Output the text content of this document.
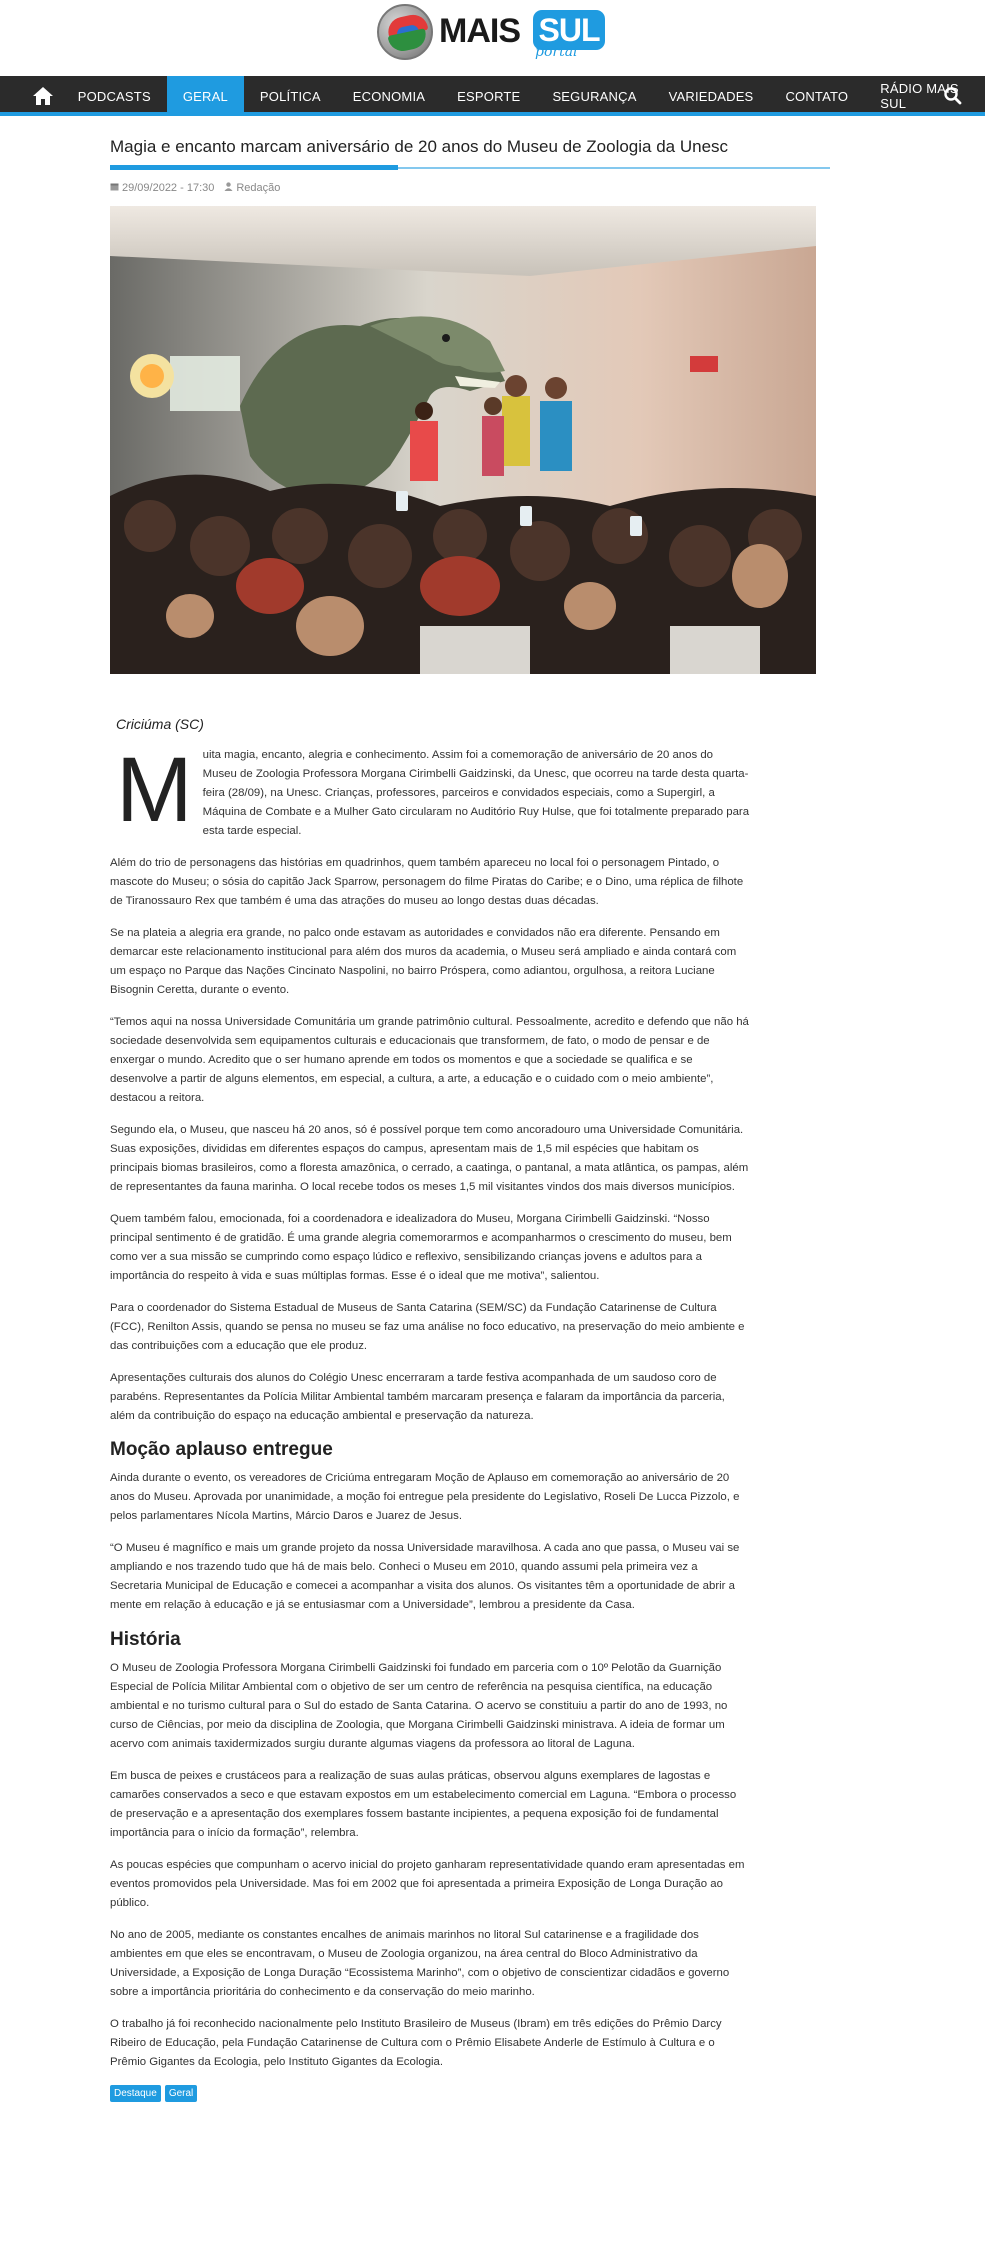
MAIS SUL
portal
PODCASTS	GERAL	POLÍTICA	ECONOMIA	ESPORTE	SEGURANÇA	VARIEDADES	CONTATO	RÁDIO MAIS SUL
Magia e encanto marcam aniversário de 20 anos do Museu de Zoologia da Unesc
29/09/2022 - 17:30	Redação

Criciúma (SC)

M uita magia, encanto, alegria e conhecimento. Assim foi a comemoração de aniversário de 20 anos do Museu de Zoologia Professora Morgana Cirimbelli Gaidzinski, da Unesc, que ocorreu na tarde desta quarta-feira (28/09), na Unesc. Crianças, professores, parceiros e convidados especiais, como a Supergirl, a Máquina de Combate e a Mulher Gato circularam no Auditório Ruy Hulse, que foi totalmente preparado para esta tarde especial.

Além do trio de personagens das histórias em quadrinhos, quem também apareceu no local foi o personagem Pintado, o mascote do Museu; o sósia do capitão Jack Sparrow, personagem do filme Piratas do Caribe; e o Dino, uma réplica de filhote de Tiranossauro Rex que também é uma das atrações do museu ao longo destas duas décadas.

Se na plateia a alegria era grande, no palco onde estavam as autoridades e convidados não era diferente. Pensando em demarcar este relacionamento institucional para além dos muros da academia, o Museu será ampliado e ainda contará com um espaço no Parque das Nações Cincinato Naspolini, no bairro Próspera, como adiantou, orgulhosa, a reitora Luciane Bisognin Ceretta, durante o evento.

“Temos aqui na nossa Universidade Comunitária um grande patrimônio cultural. Pessoalmente, acredito e defendo que não há sociedade desenvolvida sem equipamentos culturais e educacionais que transformem, de fato, o modo de pensar e de enxergar o mundo. Acredito que o ser humano aprende em todos os momentos e que a sociedade se qualifica e se desenvolve a partir de alguns elementos, em especial, a cultura, a arte, a educação e o cuidado com o meio ambiente”, destacou a reitora.

Segundo ela, o Museu, que nasceu há 20 anos, só é possível porque tem como ancoradouro uma Universidade Comunitária. Suas exposições, divididas em diferentes espaços do campus, apresentam mais de 1,5 mil espécies que habitam os principais biomas brasileiros, como a floresta amazônica, o cerrado, a caatinga, o pantanal, a mata atlântica, os pampas, além de representantes da fauna marinha. O local recebe todos os meses 1,5 mil visitantes vindos dos mais diversos municípios.

Quem também falou, emocionada, foi a coordenadora e idealizadora do Museu, Morgana Cirimbelli Gaidzinski. “Nosso principal sentimento é de gratidão. É uma grande alegria comemorarmos e acompanharmos o crescimento do museu, bem como ver a sua missão se cumprindo como espaço lúdico e reflexivo, sensibilizando crianças jovens e adultos para a importância do respeito à vida e suas múltiplas formas. Esse é o ideal que me motiva”, salientou.

Para o coordenador do Sistema Estadual de Museus de Santa Catarina (SEM/SC) da Fundação Catarinense de Cultura (FCC), Renilton Assis, quando se pensa no museu se faz uma análise no foco educativo, na preservação do meio ambiente e das contribuições com a educação que ele produz.

Apresentações culturais dos alunos do Colégio Unesc encerraram a tarde festiva acompanhada de um saudoso coro de parabéns. Representantes da Polícia Militar Ambiental também marcaram presença e falaram da importância da parceria, além da contribuição do espaço na educação ambiental e preservação da natureza.

Moção aplauso entregue

Ainda durante o evento, os vereadores de Criciúma entregaram Moção de Aplauso em comemoração ao aniversário de 20 anos do Museu. Aprovada por unanimidade, a moção foi entregue pela presidente do Legislativo, Roseli De Lucca Pizzolo, e pelos parlamentares Nícola Martins, Márcio Daros e Juarez de Jesus.

“O Museu é magnífico e mais um grande projeto da nossa Universidade maravilhosa. A cada ano que passa, o Museu vai se ampliando e nos trazendo tudo que há de mais belo. Conheci o Museu em 2010, quando assumi pela primeira vez a Secretaria Municipal de Educação e comecei a acompanhar a visita dos alunos. Os visitantes têm a oportunidade de abrir a mente em relação à educação e já se entusiasmar com a Universidade”, lembrou a presidente da Casa.

História

O Museu de Zoologia Professora Morgana Cirimbelli Gaidzinski foi fundado em parceria com o 10º Pelotão da Guarnição Especial de Polícia Militar Ambiental com o objetivo de ser um centro de referência na pesquisa científica, na educação ambiental e no turismo cultural para o Sul do estado de Santa Catarina. O acervo se constituiu a partir do ano de 1993, no curso de Ciências, por meio da disciplina de Zoologia, que Morgana Cirimbelli Gaidzinski ministrava. A ideia de formar um acervo com animais taxidermizados surgiu durante algumas viagens da professora ao litoral de Laguna.

Em busca de peixes e crustáceos para a realização de suas aulas práticas, observou alguns exemplares de lagostas e camarões conservados a seco e que estavam expostos em um estabelecimento comercial em Laguna. “Embora o processo de preservação e a apresentação dos exemplares fossem bastante incipientes, a pequena exposição foi de fundamental importância para o início da formação”, relembra.

As poucas espécies que compunham o acervo inicial do projeto ganharam representatividade quando eram apresentadas em eventos promovidos pela Universidade. Mas foi em 2002 que foi apresentada a primeira Exposição de Longa Duração ao público.

No ano de 2005, mediante os constantes encalhes de animais marinhos no litoral Sul catarinense e a fragilidade dos ambientes em que eles se encontravam, o Museu de Zoologia organizou, na área central do Bloco Administrativo da Universidade, a Exposição de Longa Duração “Ecossistema Marinho”, com o objetivo de conscientizar cidadãos e governo sobre a importância prioritária do conhecimento e da conservação do meio marinho.

O trabalho já foi reconhecido nacionalmente pelo Instituto Brasileiro de Museus (Ibram) em três edições do Prêmio Darcy Ribeiro de Educação, pela Fundação Catarinense de Cultura com o Prêmio Elisabete Anderle de Estímulo à Cultura e o Prêmio Gigantes da Ecologia, pelo Instituto Gigantes da Ecologia.

Destaque	Geral
